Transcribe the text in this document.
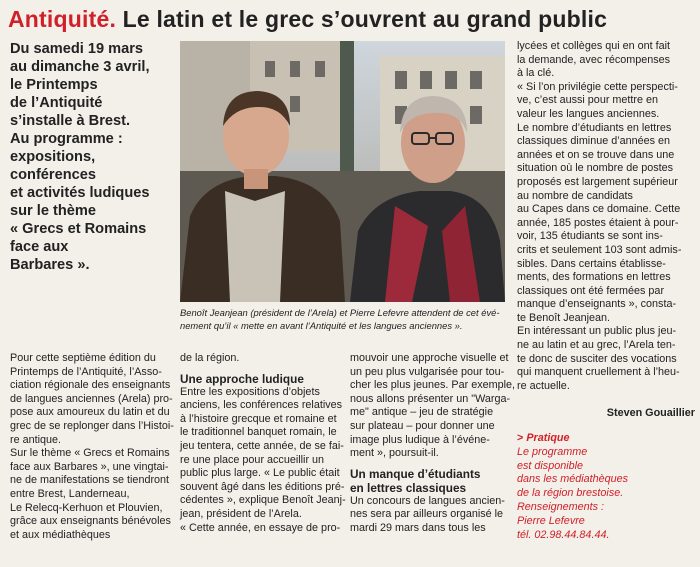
Antiquité. Le latin et le grec s’ouvrent au grand public
Du samedi 19 mars
au dimanche 3 avril,
le Printemps
de l’Antiquité
s’installe à Brest.
Au programme :
expositions,
conférences
et activités ludiques
sur le thème
« Grecs et Romains
face aux
Barbares ».
Benoît Jeanjean (président de l’Arela) et Pierre Lefevre attendent de cet évé-
nement qu’il « mette en avant l’Antiquité et les langues anciennes ».
Pour cette septième édition du
Printemps de l’Antiquité, l’Asso-
ciation régionale des enseignants
de langues anciennes (Arela) pro-
pose aux amoureux du latin et du
grec de se replonger dans l’Histoi-
re antique.
Sur le thème « Grecs et Romains
face aux Barbares », une vingtai-
ne de manifestations se tiendront
entre Brest, Landerneau,
Le Relecq-Kerhuon et Plouvien,
grâce aux enseignants bénévoles
et aux médiathèques
de la région.
Une approche ludique
Entre les expositions d’objets
anciens, les conférences relatives
à l’histoire grecque et romaine et
le traditionnel banquet romain, le
jeu tentera, cette année, de se fai-
re une place pour accueillir un
public plus large. « Le public était
souvent âgé dans les éditions pré-
cédentes », explique Benoît Jeanj-
jean, président de l’Arela.
« Cette année, en essaye de pro-
mouvoir une approche visuelle et
un peu plus vulgarisée pour tou-
cher les plus jeunes. Par exemple,
nous allons présenter un "Warga-
me" antique – jeu de stratégie
sur plateau – pour donner une
image plus ludique à l’événe-
ment », poursuit-il.
Un manque d’étudiants
en lettres classiques
Un concours de langues ancien-
nes sera par ailleurs organisé le
mardi 29 mars dans tous les
lycées et collèges qui en ont fait
la demande, avec récompenses
à la clé.
« Si l’on privilégie cette perspecti-
ve, c’est aussi pour mettre en
valeur les langues anciennes.
Le nombre d’étudiants en lettres
classiques diminue d’années en
années et on se trouve dans une
situation où le nombre de postes
proposés est largement supérieur
au nombre de candidats
au Capes dans ce domaine. Cette
année, 185 postes étaient à pour-
voir, 135 étudiants se sont ins-
crits et seulement 103 sont admis-
sibles. Dans certains établisse-
ments, des formations en lettres
classiques ont été fermées par
manque d’enseignants », consta-
te Benoît Jeanjean.
En intéressant un public plus jeu-
ne au latin et au grec, l’Arela ten-
te donc de susciter des vocations
qui manquent cruellement à l’heu-
re actuelle.
Steven Gouaillier
> Pratique
Le programme
est disponible
dans les médiathèques
de la région brestoise.
Renseignements :
Pierre Lefevre
tél. 02.98.44.84.44.
